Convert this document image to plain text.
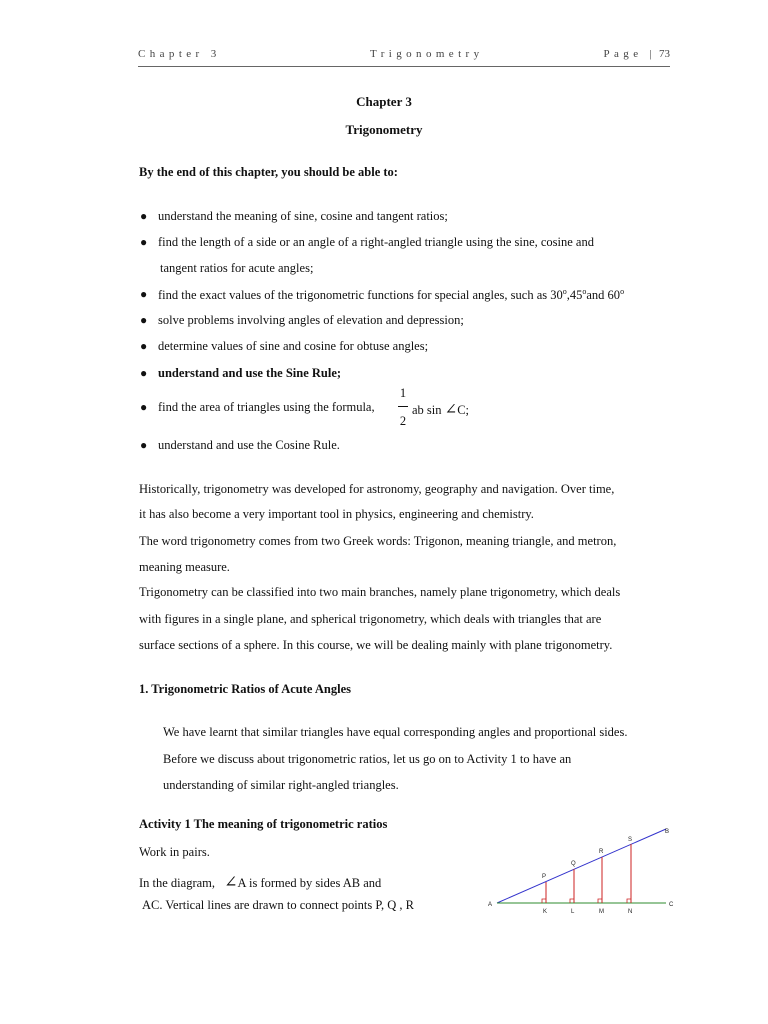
Chapter 3	Trigonometry	Page | 73
Chapter 3
Trigonometry
By the end of this chapter, you should be able to:
● understand the meaning of sine, cosine and tangent ratios;
● find the length of a side or an angle of a right-angled triangle using the sine, cosine and
tangent ratios for acute angles;
● find the exact values of the trigonometric functions for special angles, such as 30$^o$,45$^o$and 60$^o$
● solve problems involving angles of elevation and depression;
● determine values of sine and cosine for obtuse angles;
● understand and use the Sine Rule;
● find the area of triangles using the formula,
1
2
ab sin ∠C;
● understand and use the Cosine Rule.
Historically, trigonometry was developed for astronomy, geography and navigation. Over time,
it has also become a very important tool in physics, engineering and chemistry.
The word trigonometry comes from two Greek words: Trigonon, meaning triangle, and metron,
meaning measure.
Trigonometry can be classified into two main branches, namely plane trigonometry, which deals
with figures in a single plane, and spherical trigonometry, which deals with triangles that are
surface sections of a sphere. In this course, we will be dealing mainly with plane trigonometry.
1. Trigonometric Ratios of Acute Angles
We have learnt that similar triangles have equal corresponding angles and proportional sides.
Before we discuss about trigonometric ratios, let us go on to Activity 1 to have an
understanding of similar right-angled triangles.
Activity 1 The meaning of trigonometric ratios
Work in pairs.
In the diagram, ∠A is formed by sides AB and
AC. Vertical lines are drawn to connect points P, Q , R	A
B
C
P
Q
R
S
K	L	M	N
